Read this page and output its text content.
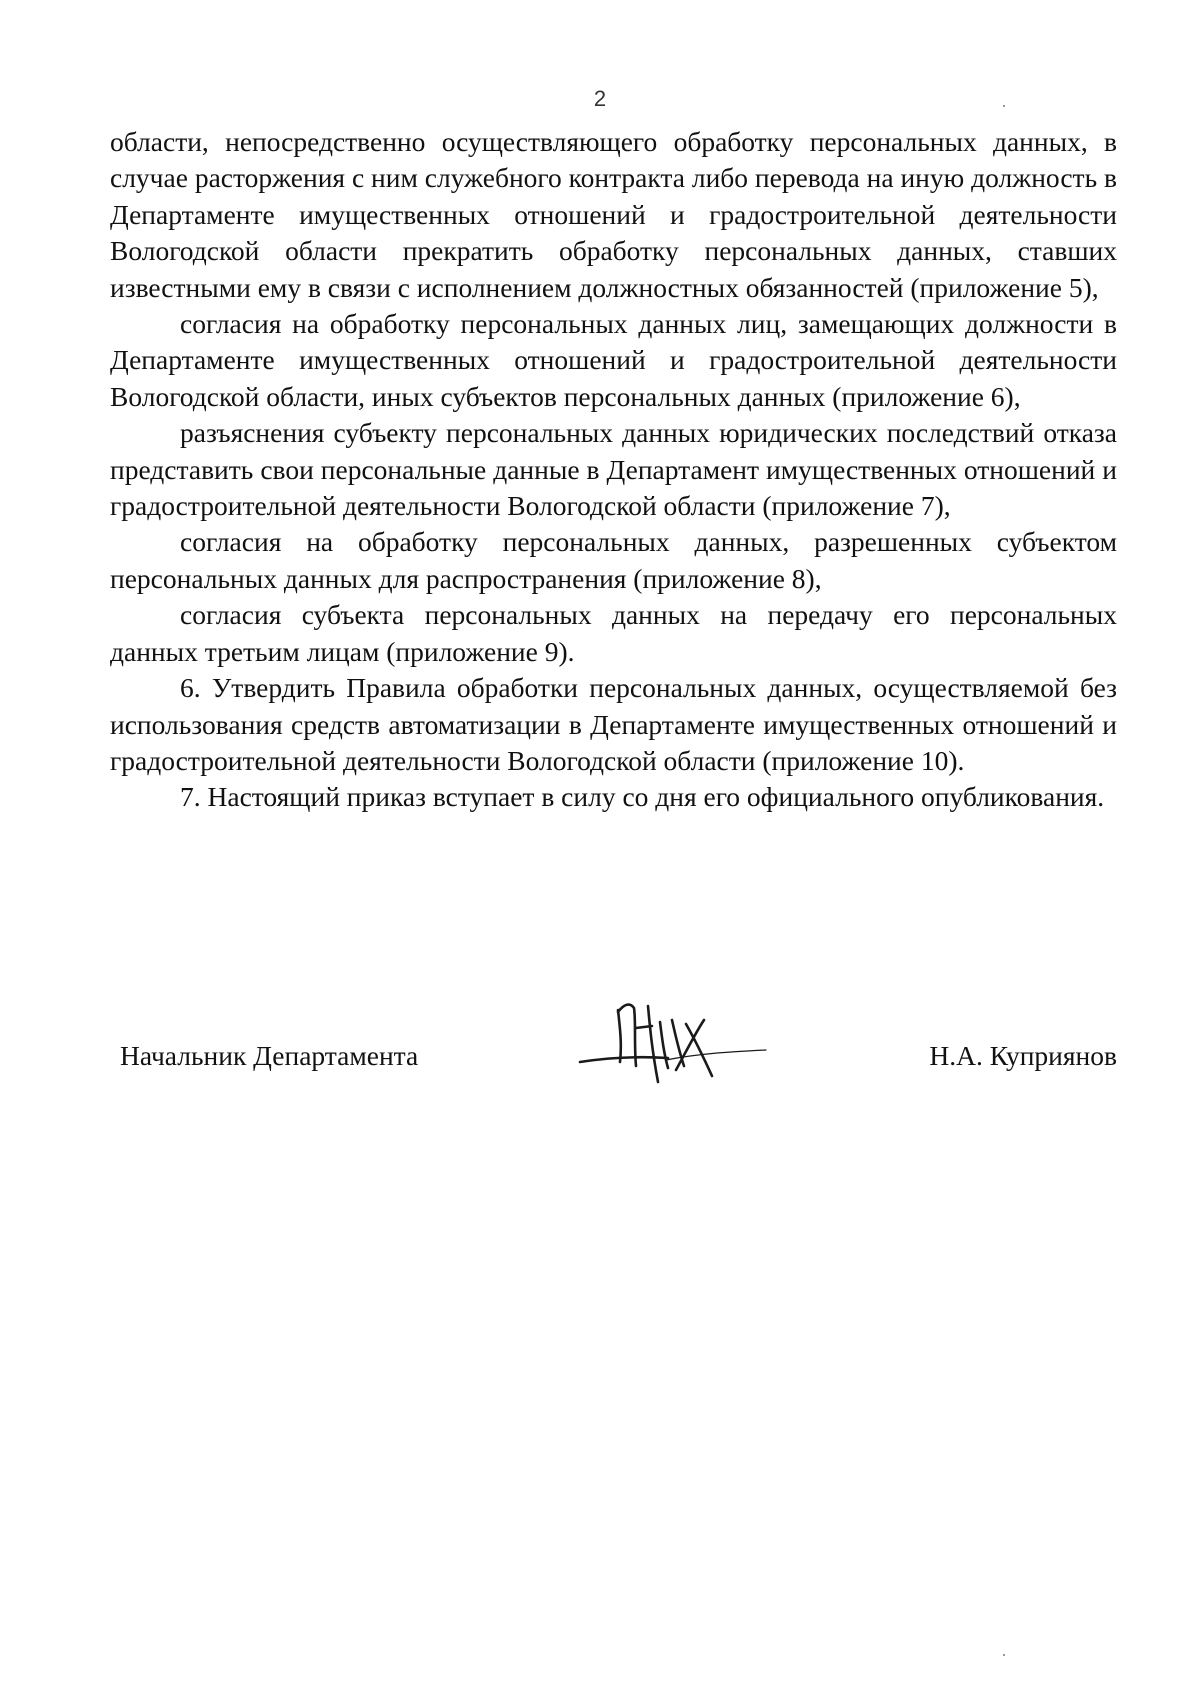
2

области, непосредственно осуществляющего обработку персональных данных, в случае расторжения с ним служебного контракта либо перевода на иную должность в Департаменте имущественных отношений и градостроительной деятельности Вологодской области прекратить обработку персональных данных, ставших известными ему в связи с исполнением должностных обязанностей (приложение 5),

согласия на обработку персональных данных лиц, замещающих должности в Департаменте имущественных отношений и градостроительной деятельности Вологодской области, иных субъектов персональных данных (приложение 6),

разъяснения субъекту персональных данных юридических последствий отказа представить свои персональные данные в Департамент имущественных отношений и градостроительной деятельности Вологодской области (приложение 7),

согласия на обработку персональных данных, разрешенных субъектом персональных данных для распространения (приложение 8),

согласия субъекта персональных данных на передачу его персональных данных третьим лицам (приложение 9).

6. Утвердить Правила обработки персональных данных, осуществляемой без использования средств автоматизации в Департаменте имущественных отношений и градостроительной деятельности Вологодской области (приложение 10).

7. Настоящий приказ вступает в силу со дня его официального опубликования.

Начальник Департамента	Н.А. Куприянов
